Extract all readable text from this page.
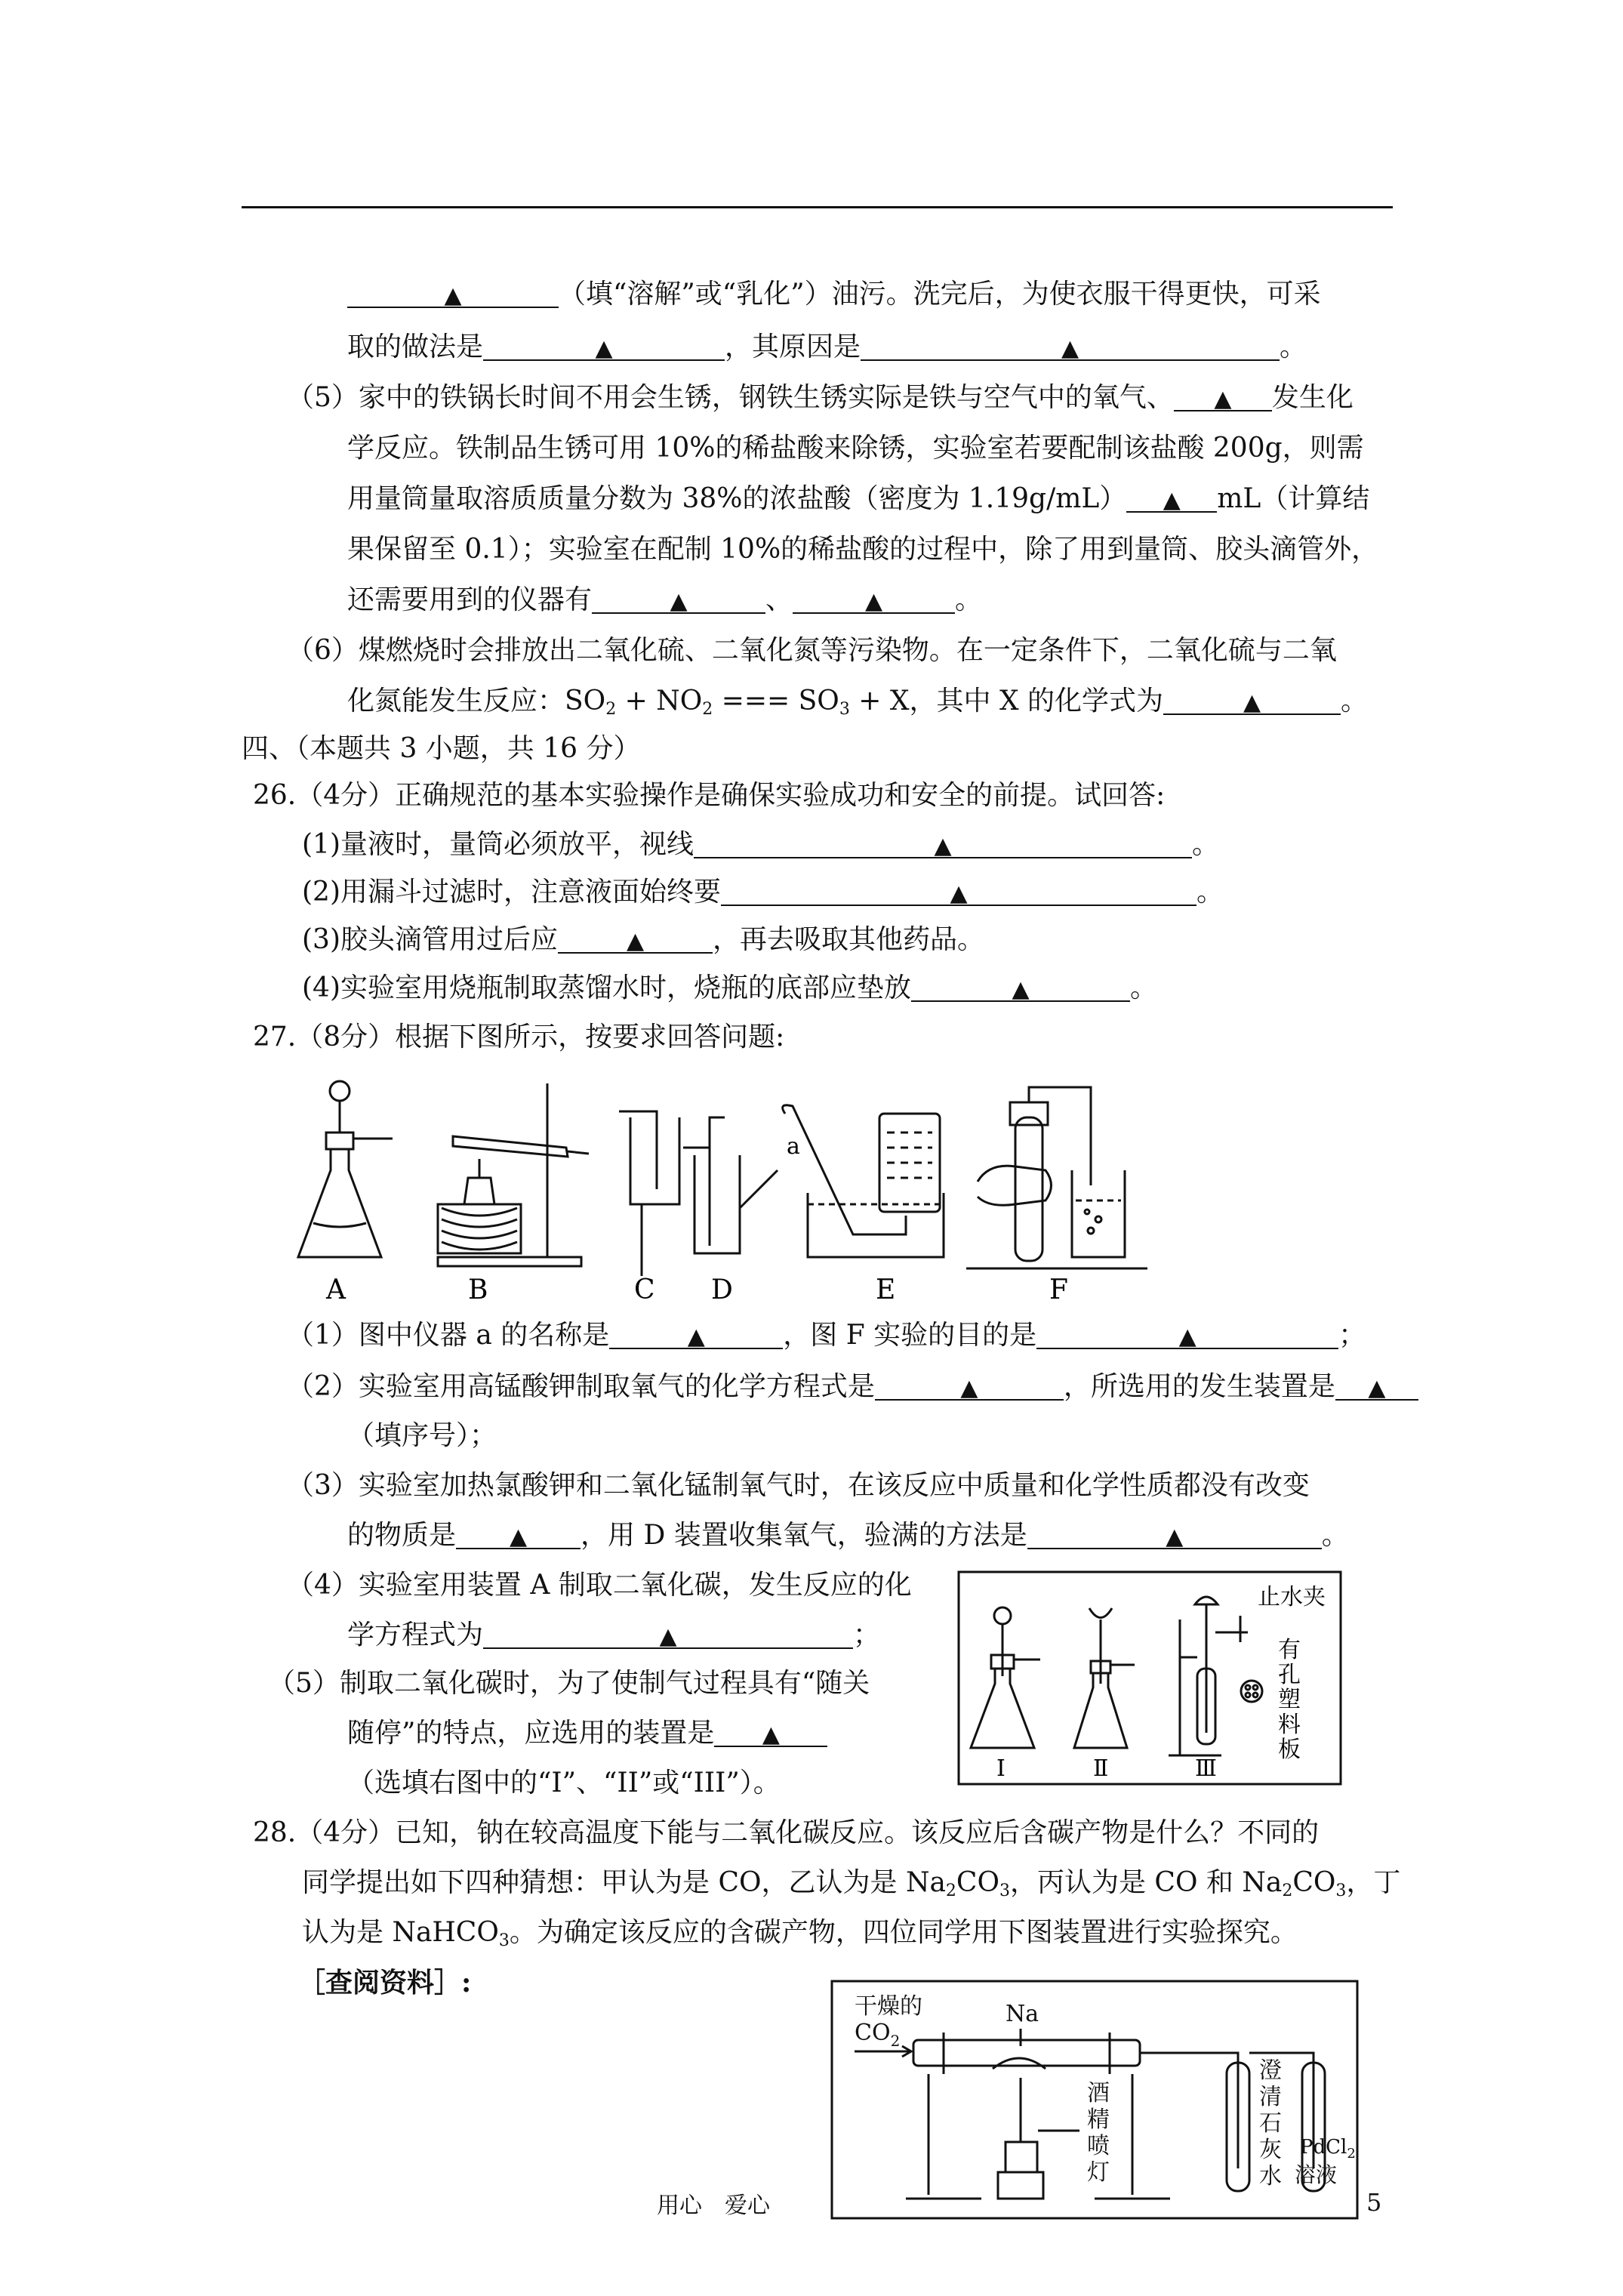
▲	（填“溶解”或“乳化”）油污。洗完后，为使衣服干得更快，可采
取的做法是	▲	，其原因是	▲	。
（5）家中的铁锅长时间不用会生锈，钢铁生锈实际是铁与空气中的氧气、 ▲ 发生化
学反应。铁制品生锈可用 10%的稀盐酸来除锈，实验室若要配制该盐酸 200g，则需
用量筒量取溶质质量分数为 38%的浓盐酸（密度为 1.19g/mL） ▲ mL（计算结
果保留至 0.1）；实验室在配制 10%的稀盐酸的过程中，除了用到量筒、胶头滴管外，
还需要用到的仪器有	▲	、	▲	。
（6）煤燃烧时会排放出二氧化硫、二氧化氮等污染物。在一定条件下，二氧化硫与二氧
化氮能发生反应：$SO_2 + NO_2$ === $SO_3 + X$，其中 X 的化学式为	▲	。
四、（本题共 3 小题，共 16 分）
26.（4分）正确规范的基本实验操作是确保实验成功和安全的前提。试回答:
(1)量液时，量筒必须放平，视线	▲	。
(2)用漏斗过滤时，注意液面始终要	▲	。
(3)胶头滴管用过后应	▲	，再去吸取其他药品。
(4)实验室用烧瓶制取蒸馏水时，烧瓶的底部应垫放	▲	。
27.（8分）根据下图所示，按要求回答问题:
a
A	B	C D	E	F
（1）图中仪器 a 的名称是	▲	，图 F 实验的目的是	▲	；
（2）实验室用高锰酸钾制取氧气的化学方程式是	▲	，所选用的发生装置是 ▲
（填序号）；
（3）实验室加热氯酸钾和二氧化锰制氧气时，在该反应中质量和化学性质都没有改变
的物质是 ▲ ，用 D 装置收集氧气，验满的方法是	▲	。
（4）实验室用装置 A 制取二氧化碳，发生反应的化
学方程式为	▲	；
（5）制取二氧化碳时，为了使制气过程具有“随关
随停”的特点，应选用的装置是 ▲
（选填右图中的“I”、“II”或“III”）。	I	Ⅱ	Ⅲ
止水夹
有
孔
塑
料
板
28.（4分）已知，钠在较高温度下能与二氧化碳反应。该反应后含碳产物是什么？不同的
同学提出如下四种猜想：甲认为是 CO，乙认为是 $Na_2CO_3$，丙认为是 CO 和 $Na_2CO_3$，丁
认为是 NaHCO$_3$。为确定该反应的含碳产物，四位同学用下图装置进行实验探究。
［查阅资料］:
干燥的
$CO_2$
Na
酒
精
喷
灯
澄
清
石
灰
水
PdCl$_2$
溶液
用心　爱心	5
